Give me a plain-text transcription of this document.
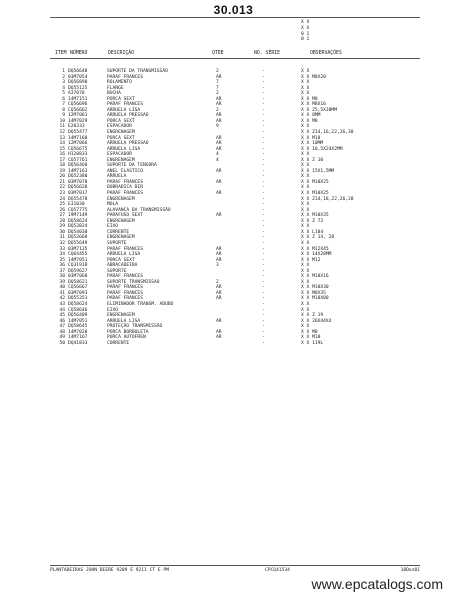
30.013
X X
X X
0 1
0 1
ITEM NÚMERO	DESCRIÇÃO	QTDE	NO. SÉRIE	OBSERVAÇÕES
1 DQ56648	SUPORTE DA TRANSMISSÃO	2	-	X X
2 03M7054	PARAF FRANCES	AR	-	X X M8X20
3 DQ56890	ROLAMENTO	7	-	X X
4 DQ55125	FLANGE	7	-	X X
5 A37078	BUCHA	2	-	X X
6 14M7151	PORCA SEXT	AR	-	X X M8
7 CQ56696	PARAF FRANCES	AR	-	X X M8X16
8 CQ56662	ARRUELA LISA	2	-	X X 25,5X30MM
9 12M7061	ARRUELA PRESSAO	AR	-	X X 8MM
10 14M7029	PORCA SEXT	AR	-	X X M8
11 E20333	ESPACADOR	9	-	X X
12 DQ55477	ENGRENAGEM	-	X X Z14,16,22,26,30
13 14M7160	PORCA SEXT	AR	-	X X M10
14 12M7066	ARRUELA PRESSAO	AR	-	X X 10MM
15 CQ56675	ARRUELA LISA	AR	-	X X 10,5X24X2MM
16 H120833	ESPACADOR	4	-	X X
17 CQ57761	ENGRENAGEM	4	-	X X Z 10
18 DQ56468	SUPORTE DA TENSORA	-	X X
19 14M7163	ANEL ELASTICO	AR	-	X X 15X1,5MM
20 DQ52380	ARRUELA	-	X X
21 03M7078	PARAF FRANCES	AR	-	X X M10X25
22 DQ56628	DOBRADICA DIR	-	X X
23 03M7017	PARAF FRANCES	AR	-	X X M10X25
24 DQ55478	ENGRENAGEM	-	X X Z14,18,22,26,28
25 E31030	MOLA	-	X X
26 CQ57775	ALAVANCA DA TRANSMISSÃO	-	X X
27 19M7149	PARAFUSO SEXT	AR	-	X X M10X35
28 DQ58624	ENGRENAGEM	-	X X Z 73
29 DQ53824	EIXO	-	X X
30 DQ54030	CORRENTE	-	X X L104
31 DQ53668	ENGRENAGEM	-	X X Z 14, 28
32 DQ55649	SUPORTE	-	X X
33 03M7135	PARAF FRANCES	AR	-	X X M12X45
34 CQ64455	ARRUELA LISA	AR	-	X X 14X28MM
35 14M7051	PORCA SEXT	AR	-	X X M12
36 CQ31918	ABRACADEIRA	3	-	X X
37 DQ59627	SUPORTE	-	X X
38 03M7068	PARAF FRANCES	-	X X M10X16
39 DQ58621	SUPORTE TRANSMISSAO	2	-	X X
40 CQ56667	PARAF FRANCES	AR	-	X X M10X30
41 03M7093	PARAF FRANCES	AR	-	X X M8X35
42 DQ55351	PARAF FRANCES	AR	-	X X M10X80
43 DQ58624	ELIMINADOR TRANSM. ADUBO	-	X X
44 CQ58646	EIXO	-	X X
45 DQ56409	ENGRENAGEM	-	X X Z 19
46 14M7051	ARRUELA LISA	AR	-	X X 26X44X4
47 DQ58645	PROTEÇÃO TRANSMISSÃO	-	X X
48 14M7020	PORCA BORBOLETA	AR	-	X X M8
49 14M7167	PORCA AUTOFREN	AR	-	X X M10
50 DQ41833	CORRENTE	-	X X 119L
PLANTADEIRAS JOHN DEERE 9209 E 9211 CT E PM	CPCQ41534	10Dez01
www.epcatalogs.com
